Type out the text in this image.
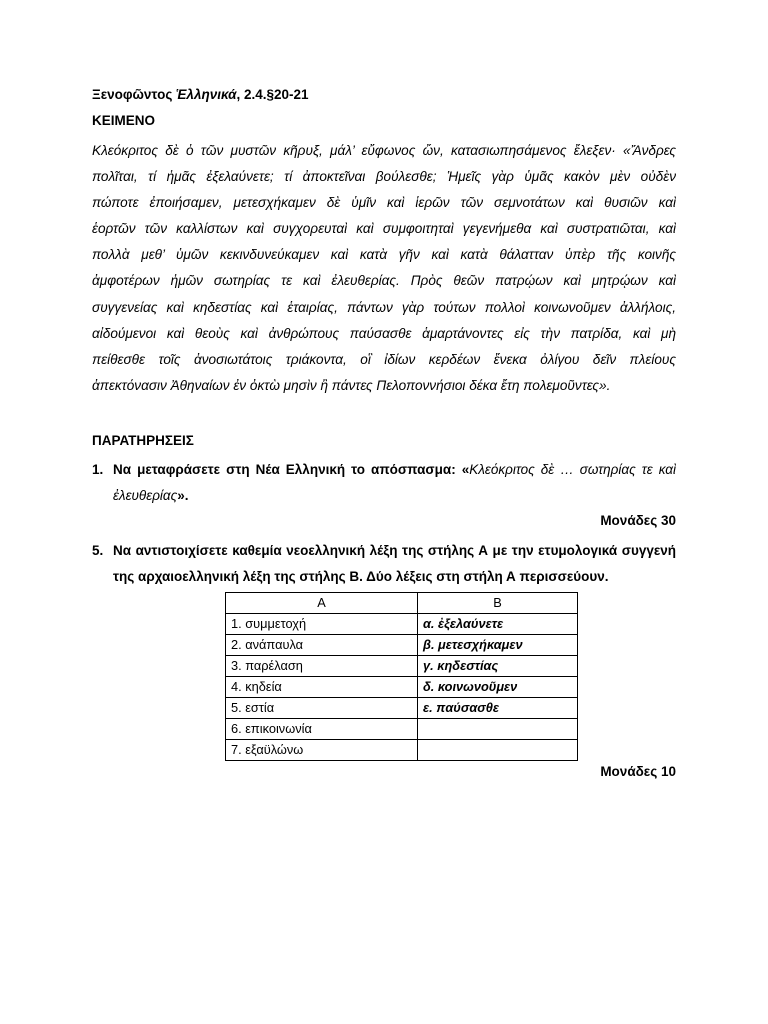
Ξενοφῶντος Ἑλληνικά, 2.4.§20-21
ΚΕΙΜΕΝΟ
Κλεόκριτος δὲ ὁ τῶν μυστῶν κῆρυξ, μάλ’ εὔφωνος ὤν, κατασιωπησάμενος ἔλεξεν· «Ἄνδρες
πολῖται, τί ἡμᾶς ἐξελαύνετε; τί ἀποκτεῖναι βούλεσθε; Ἡμεῖς γὰρ ὑμᾶς κακὸν μὲν οὐδὲν
πώποτε ἐποιήσαμεν, μετεσχήκαμεν δὲ ὑμῖν καὶ ἱερῶν τῶν σεμνοτάτων καὶ θυσιῶν καὶ
ἑορτῶν τῶν καλλίστων καὶ συγχορευταὶ καὶ συμφοιτηταὶ γεγενήμεθα καὶ συστρατιῶται, καὶ
πολλὰ μεθ’ ὑμῶν κεκινδυνεύκαμεν καὶ κατὰ γῆν καὶ κατὰ θάλατταν ὑπὲρ τῆς κοινῆς
ἀμφοτέρων ἡμῶν σωτηρίας τε καὶ ἐλευθερίας. Πρὸς θεῶν πατρῴων καὶ μητρῴων καὶ
συγγενείας καὶ κηδεστίας καὶ ἑταιρίας, πάντων γὰρ τούτων πολλοὶ κοινωνοῦμεν ἀλλήλοις,
αἰδούμενοι καὶ θεοὺς καὶ ἀνθρώπους παύσασθε ἁμαρτάνοντες εἰς τὴν πατρίδα, καὶ μὴ
πείθεσθε τοῖς ἀνοσιωτάτοις τριάκοντα, οἳ ἰδίων κερδέων ἕνεκα ὀλίγου δεῖν πλείους
ἀπεκτόνασιν Ἀθηναίων ἐν ὀκτὼ μησὶν ἢ πάντες Πελοποννήσιοι δέκα ἔτη πολεμοῦντες».
ΠΑΡΑΤΗΡΗΣΕΙΣ
1. Να μεταφράσετε στη Νέα Ελληνική το απόσπασμα: «Κλεόκριτος δὲ … σωτηρίας τε καὶ
ἐλευθερίας».
Μονάδες 30
5. Να αντιστοιχίσετε καθεμία νεοελληνική λέξη της στήλης Α με την ετυμολογικά συγγενή
της αρχαιοελληνική λέξη της στήλης Β. Δύο λέξεις στη στήλη Α περισσεύουν.
Α	Β
1. συμμετοχή	α. ἐξελαύνετε
2. ανάπαυλα	β. μετεσχήκαμεν
3. παρέλαση	γ. κηδεστίας
4. κηδεία	δ. κοινωνοῦμεν
5. εστία	ε. παύσασθε
6. επικοινωνία	
7. εξαϋλώνω	
Μονάδες 10
